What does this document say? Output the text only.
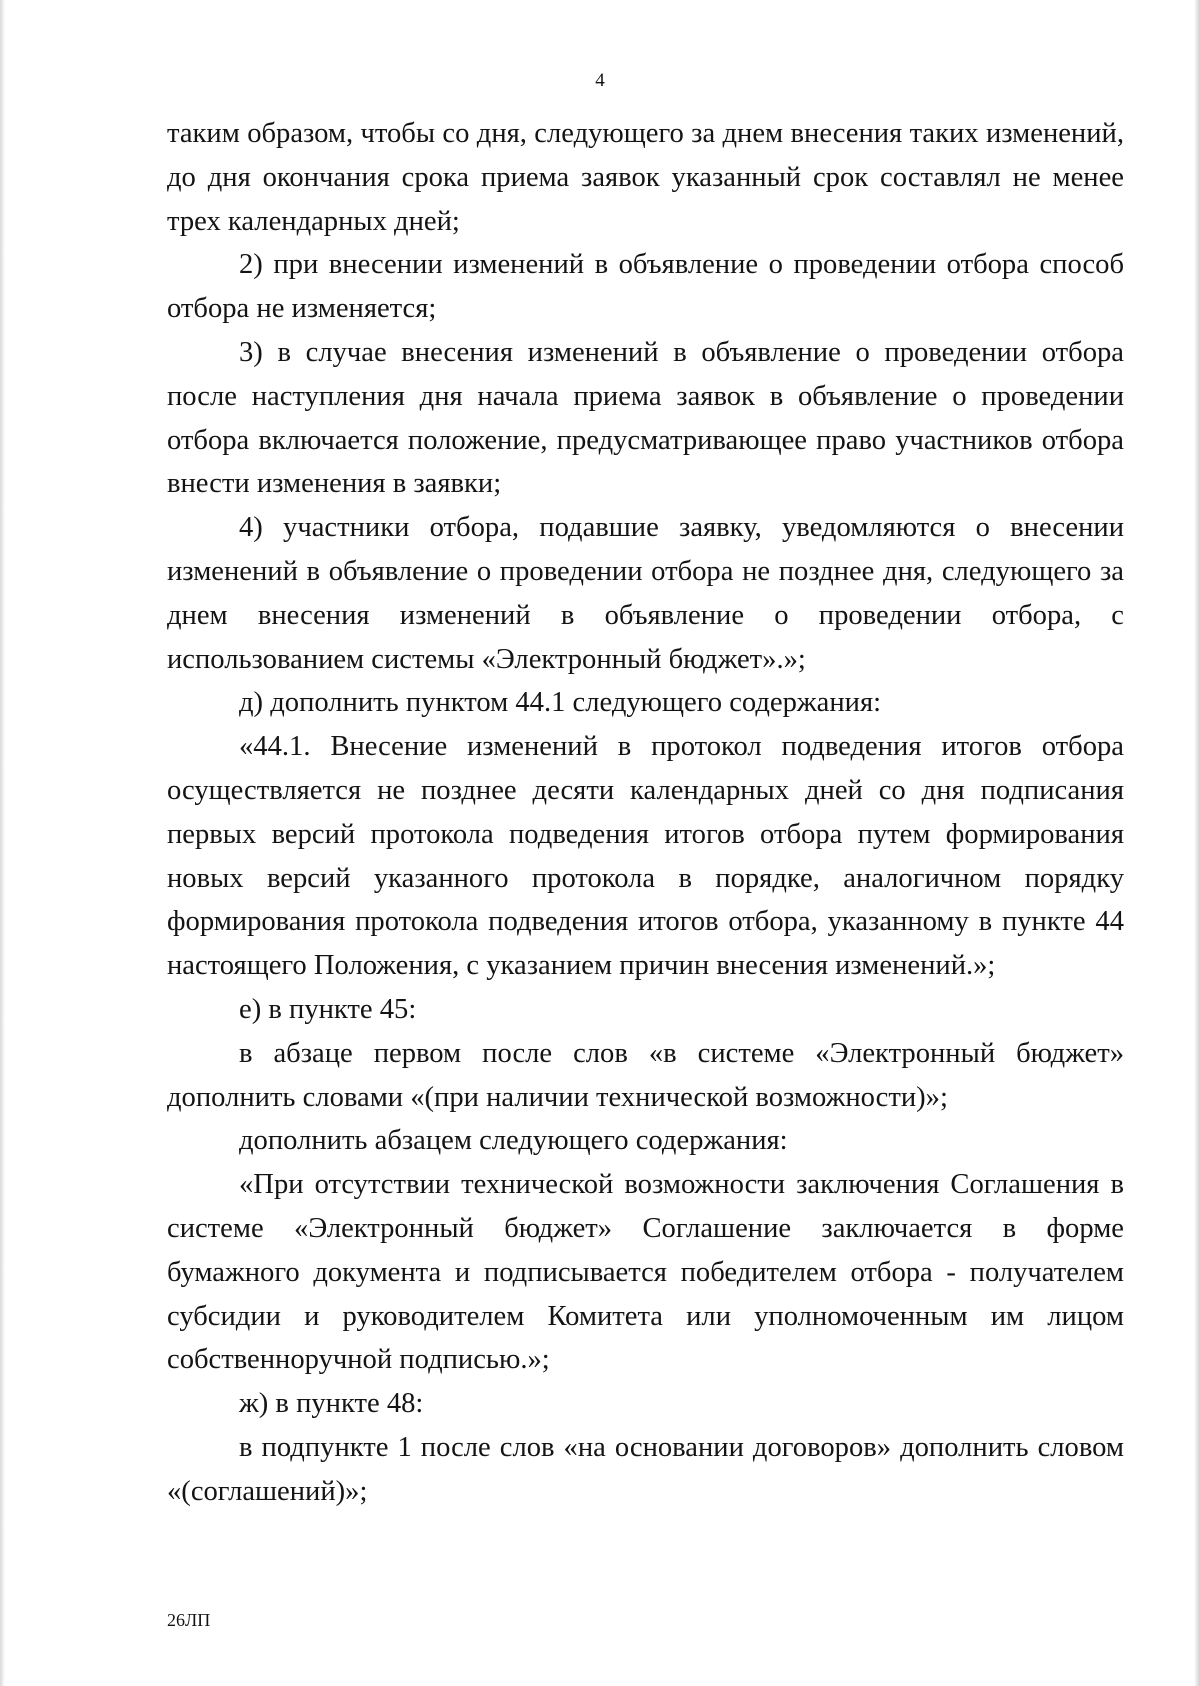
4

таким образом, чтобы со дня, следующего за днем внесения таких изменений, до дня окончания срока приема заявок указанный срок составлял не менее трех календарных дней;

2) при внесении изменений в объявление о проведении отбора способ отбора не изменяется;

3) в случае внесения изменений в объявление о проведении отбора после наступления дня начала приема заявок в объявление о проведении отбора включается положение, предусматривающее право участников отбора внести изменения в заявки;

4) участники отбора, подавшие заявку, уведомляются о внесении изменений в объявление о проведении отбора не позднее дня, следующего за днем внесения изменений в объявление о проведении отбора, с использованием системы «Электронный бюджет».»;

д) дополнить пунктом 44.1 следующего содержания:

«44.1. Внесение изменений в протокол подведения итогов отбора осуществляется не позднее десяти календарных дней со дня подписания первых версий протокола подведения итогов отбора путем формирования новых версий указанного протокола в порядке, аналогичном порядку формирования протокола подведения итогов отбора, указанному в пункте 44 настоящего Положения, с указанием причин внесения изменений.»;

е) в пункте 45:

в абзаце первом после слов «в системе «Электронный бюджет» дополнить словами «(при наличии технической возможности)»;

дополнить абзацем следующего содержания:

«При отсутствии технической возможности заключения Соглашения в системе «Электронный бюджет» Соглашение заключается в форме бумажного документа и подписывается победителем отбора - получателем субсидии и руководителем Комитета или уполномоченным им лицом собственноручной подписью.»;

ж) в пункте 48:

в подпункте 1 после слов «на основании договоров» дополнить словом «(соглашений)»;

26ЛП
